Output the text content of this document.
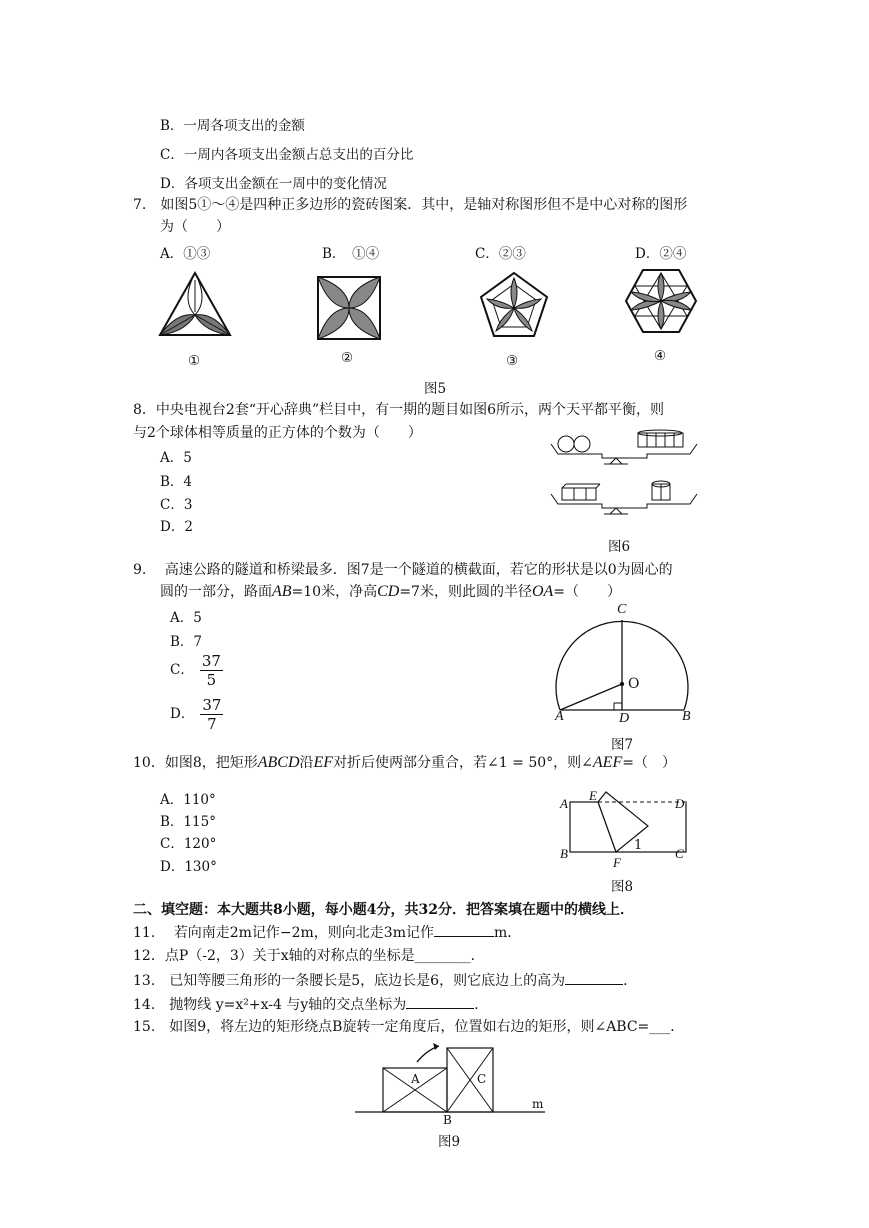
B．一周各项支出的金额
C．一周内各项支出金额占总支出的百分比
D．各项支出金额在一周中的变化情况
7.　如图5①～④是四种正多边形的瓷砖图案．其中，是轴对称图形但不是中心对称的图形
为（　　）
A．①③	B．　①④	C．②③	D．②④
①	②	③	④
图5
8．中央电视台2套“开心辞典”栏目中，有一期的题目如图6所示，两个天平都平衡，则
与2个球体相等质量的正方体的个数为（　　）
A．5
B．4
C．3
D．2
图6
9.　 高速公路的隧道和桥梁最多．图7是一个隧道的横截面，若它的形状是以0为圆心的
圆的一部分，路面AB=10米，净高CD=7米，则此圆的半径OA=（　　）
A．5
B．7
C． $\frac{37}{5}$
D． $\frac{37}{7}$
C
O
A	D	B
图7
10．如图8，把矩形ABCD沿EF对折后使两部分重合，若∠1 = 50°，则∠AEF=（　）
A．110°
B．115°
C．120°
D．130°
A
E
D
B
F
1
C
图8
二、填空题：本大题共8小题，每小题4分，共32分．把答案填在题中的横线上．
11.　 若向南走2m记作−2m，则向北走3m记作	m．
12．点P（-2，3）关于x轴的对称点的坐标是________．
13.　已知等腰三角形的一条腰长是5，底边长是6，则它底边上的高为	．
14.　抛物线 y=x²+x-4 与y轴的交点坐标为	．
15.　如图9，将左边的矩形绕点B旋转一定角度后，位置如右边的矩形，则∠ABC=___．
A	C
B
m
图9
